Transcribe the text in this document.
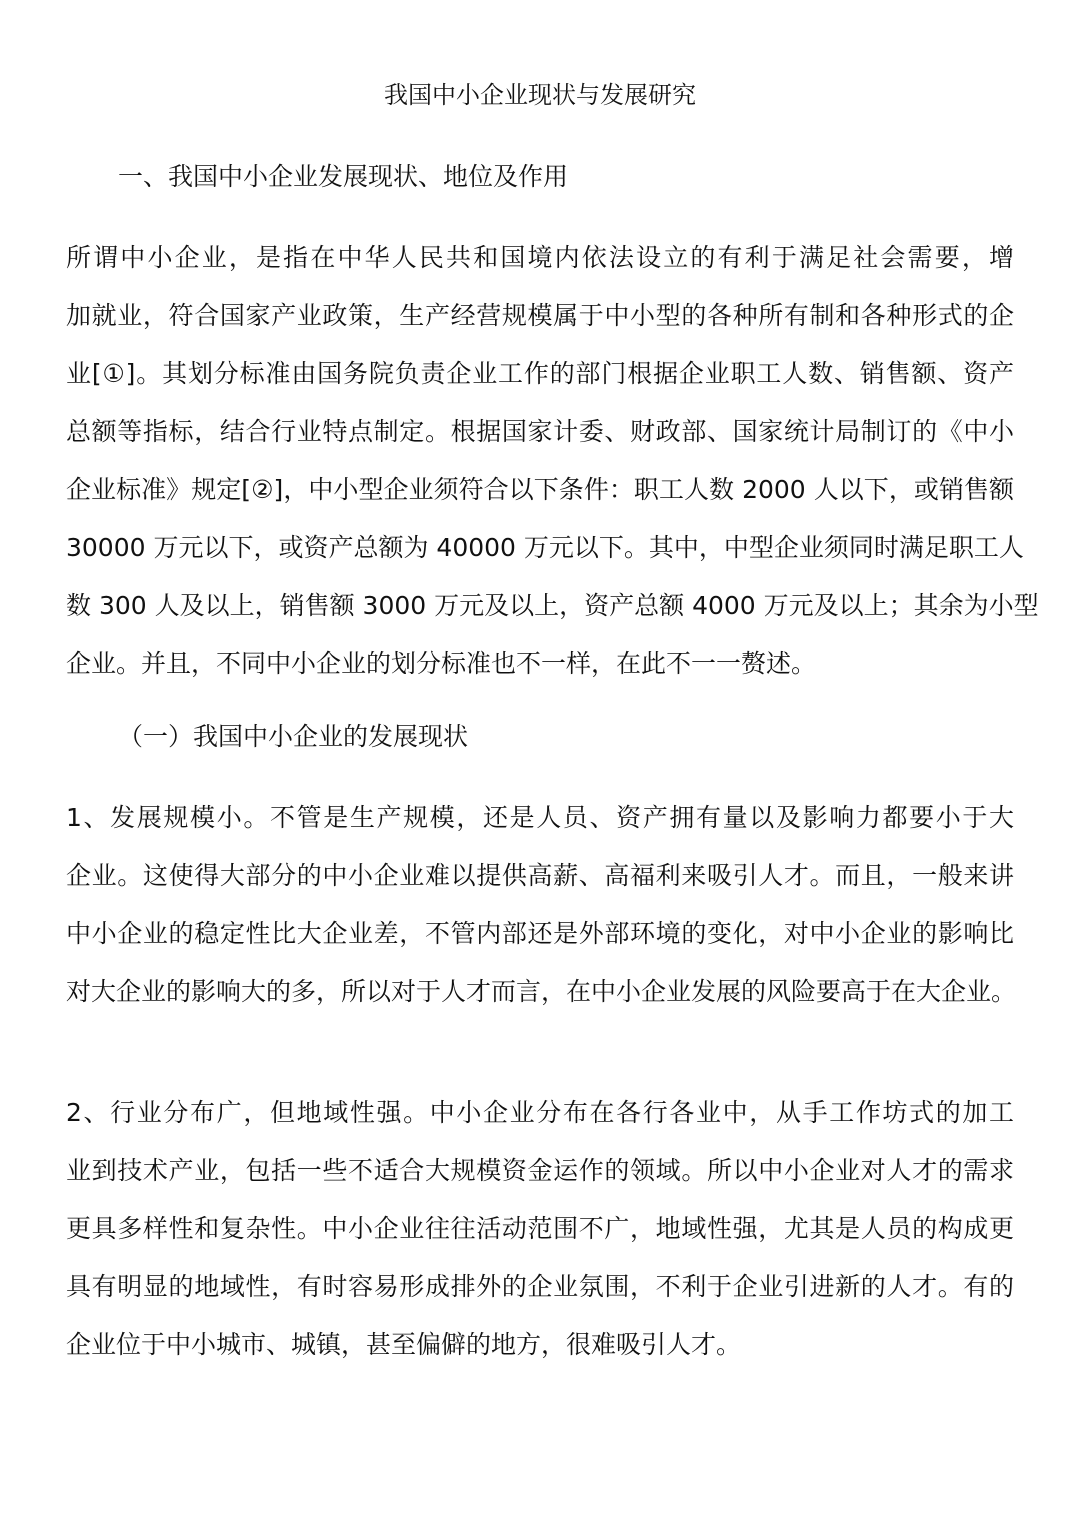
我国中小企业现状与发展研究
一、我国中小企业发展现状、地位及作用
所谓中小企业，是指在中华人民共和国境内依法设立的有利于满足社会需要，增
加就业，符合国家产业政策，生产经营规模属于中小型的各种所有制和各种形式的企
业[①]。其划分标准由国务院负责企业工作的部门根据企业职工人数、销售额、资产
总额等指标，结合行业特点制定。根据国家计委、财政部、国家统计局制订的《中小
企业标准》规定[②]，中小型企业须符合以下条件：职工人数 2000 人以下，或销售额
30000 万元以下，或资产总额为 40000 万元以下。其中，中型企业须同时满足职工人
数 300 人及以上，销售额 3000 万元及以上，资产总额 4000 万元及以上；其余为小型
企业。并且，不同中小企业的划分标准也不一样，在此不一一赘述。
（一）我国中小企业的发展现状
1、发展规模小。不管是生产规模，还是人员、资产拥有量以及影响力都要小于大
企业。这使得大部分的中小企业难以提供高薪、高福利来吸引人才。而且，一般来讲
中小企业的稳定性比大企业差，不管内部还是外部环境的变化，对中小企业的影响比
对大企业的影响大的多，所以对于人才而言，在中小企业发展的风险要高于在大企业。
2、行业分布广，但地域性强。中小企业分布在各行各业中，从手工作坊式的加工
业到技术产业，包括一些不适合大规模资金运作的领域。所以中小企业对人才的需求
更具多样性和复杂性。中小企业往往活动范围不广，地域性强，尤其是人员的构成更
具有明显的地域性，有时容易形成排外的企业氛围，不利于企业引进新的人才。有的
企业位于中小城市、城镇，甚至偏僻的地方，很难吸引人才。
